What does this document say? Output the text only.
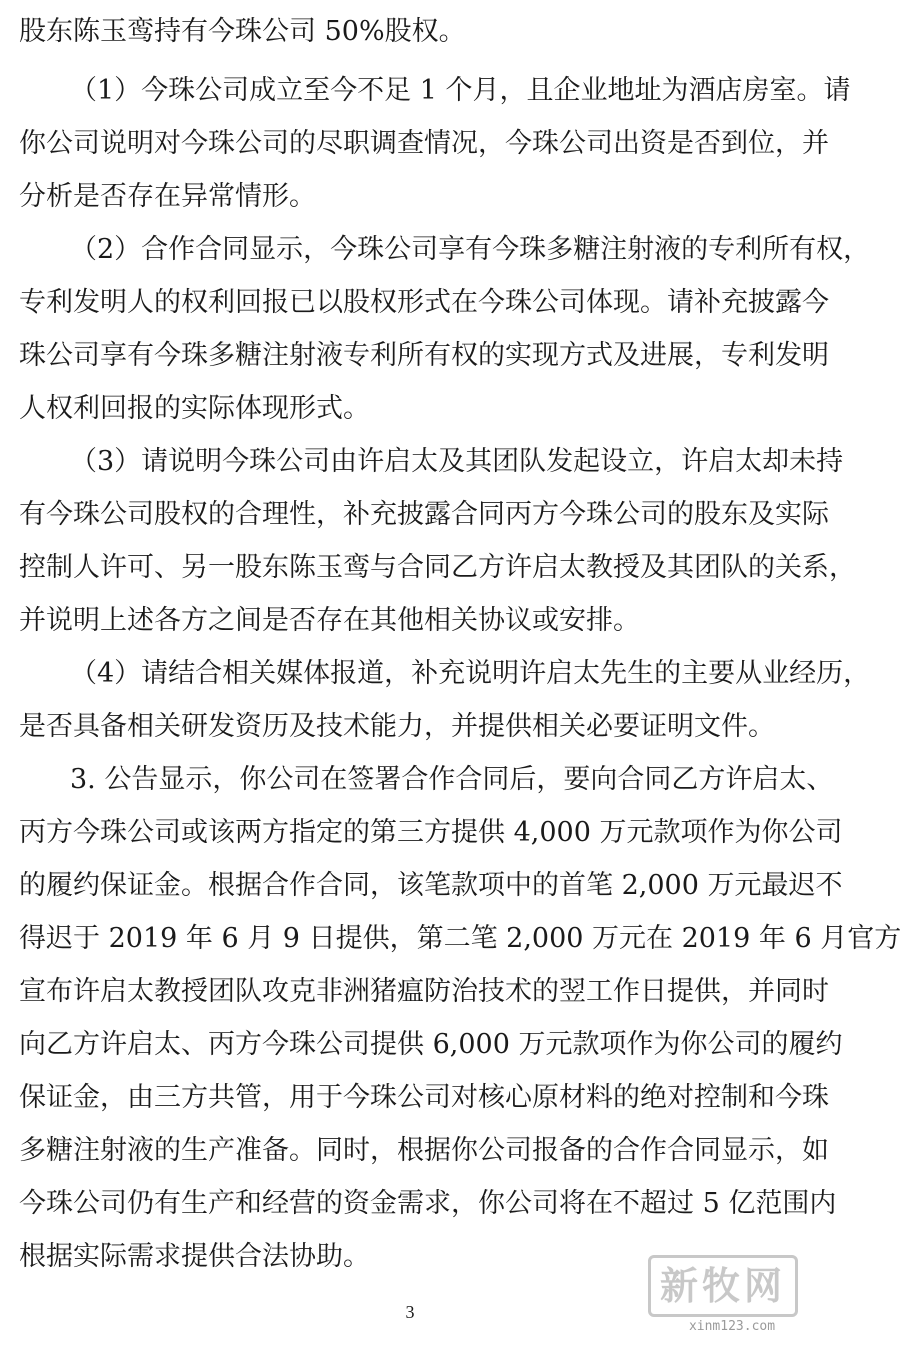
股东陈玉鸾持有今珠公司 50%股权。
（1）今珠公司成立至今不足 1 个月，且企业地址为酒店房室。请
你公司说明对今珠公司的尽职调查情况，今珠公司出资是否到位，并
分析是否存在异常情形。
（2）合作合同显示，今珠公司享有今珠多糖注射液的专利所有权，
专利发明人的权利回报已以股权形式在今珠公司体现。请补充披露今
珠公司享有今珠多糖注射液专利所有权的实现方式及进展，专利发明
人权利回报的实际体现形式。
（3）请说明今珠公司由许启太及其团队发起设立，许启太却未持
有今珠公司股权的合理性，补充披露合同丙方今珠公司的股东及实际
控制人许可、另一股东陈玉鸾与合同乙方许启太教授及其团队的关系，
并说明上述各方之间是否存在其他相关协议或安排。
（4）请结合相关媒体报道，补充说明许启太先生的主要从业经历，
是否具备相关研发资历及技术能力，并提供相关必要证明文件。
3. 公告显示，你公司在签署合作合同后，要向合同乙方许启太、
丙方今珠公司或该两方指定的第三方提供 4,000 万元款项作为你公司
的履约保证金。根据合作合同，该笔款项中的首笔 2,000 万元最迟不
得迟于 2019 年 6 月 9 日提供，第二笔 2,000 万元在 2019 年 6 月官方
宣布许启太教授团队攻克非洲猪瘟防治技术的翌工作日提供，并同时
向乙方许启太、丙方今珠公司提供 6,000 万元款项作为你公司的履约
保证金，由三方共管，用于今珠公司对核心原材料的绝对控制和今珠
多糖注射液的生产准备。同时，根据你公司报备的合作合同显示，如
今珠公司仍有生产和经营的资金需求，你公司将在不超过 5 亿范围内
根据实际需求提供合法协助。
3
新牧网
xinm123.com
